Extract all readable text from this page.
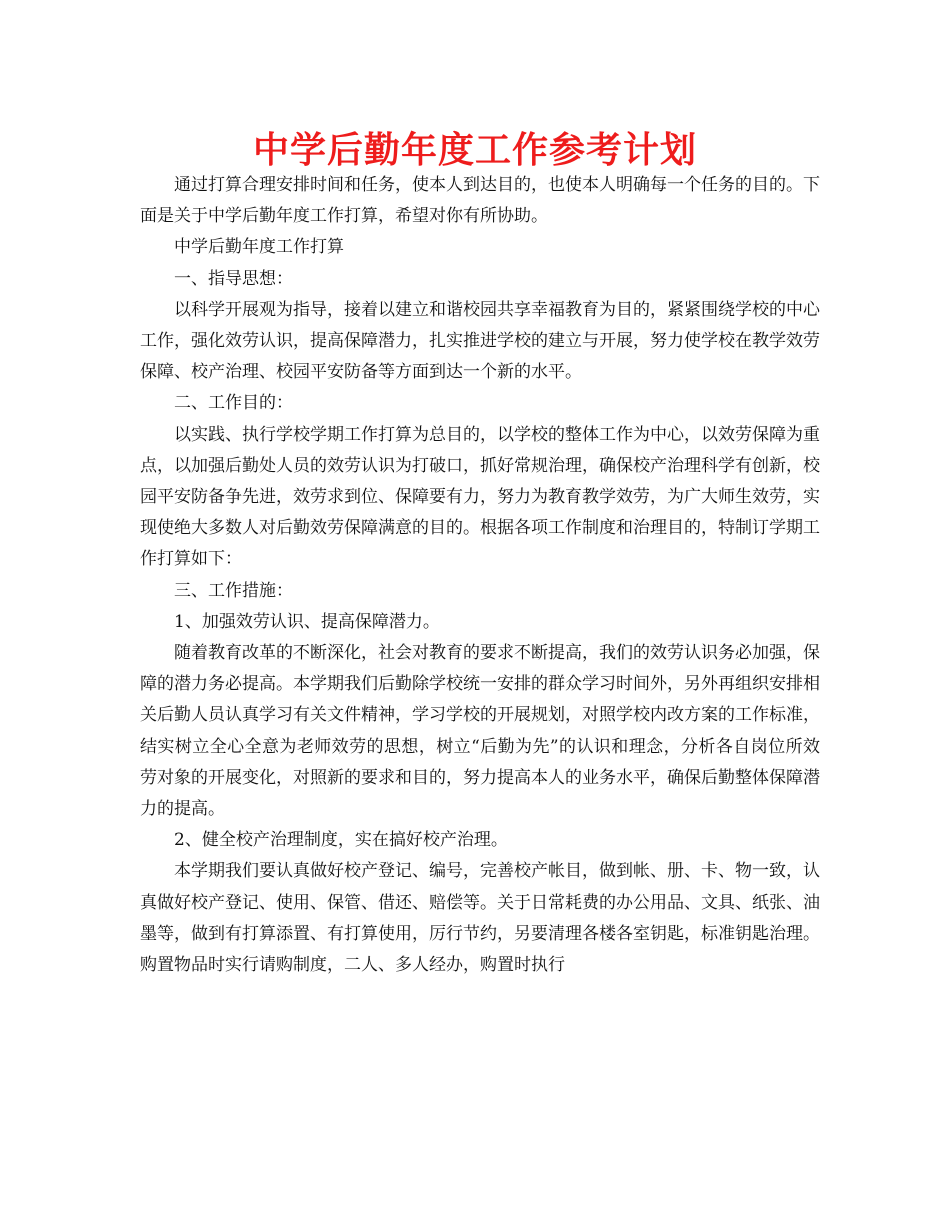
中学后勤年度工作参考计划

通过打算合理安排时间和任务，使本人到达目的，也使本人明确每一个任务的目的。下面是关于中学后勤年度工作打算，希望对你有所协助。

中学后勤年度工作打算

一、指导思想：

以科学开展观为指导，接着以建立和谐校园共享幸福教育为目的，紧紧围绕学校的中心工作，强化效劳认识，提高保障潜力，扎实推进学校的建立与开展，努力使学校在教学效劳保障、校产治理、校园平安防备等方面到达一个新的水平。

二、工作目的：

以实践、执行学校学期工作打算为总目的，以学校的整体工作为中心，以效劳保障为重点，以加强后勤处人员的效劳认识为打破口，抓好常规治理，确保校产治理科学有创新，校园平安防备争先进，效劳求到位、保障要有力，努力为教育教学效劳，为广大师生效劳，实现使绝大多数人对后勤效劳保障满意的目的。根据各项工作制度和治理目的，特制订学期工作打算如下：

三、工作措施：

1、加强效劳认识、提高保障潜力。

随着教育改革的不断深化，社会对教育的要求不断提高，我们的效劳认识务必加强，保障的潜力务必提高。本学期我们后勤除学校统一安排的群众学习时间外，另外再组织安排相关后勤人员认真学习有关文件精神，学习学校的开展规划，对照学校内改方案的工作标准，结实树立全心全意为老师效劳的思想，树立“后勤为先”的认识和理念，分析各自岗位所效劳对象的开展变化，对照新的要求和目的，努力提高本人的业务水平，确保后勤整体保障潜力的提高。

2、健全校产治理制度，实在搞好校产治理。

本学期我们要认真做好校产登记、编号，完善校产帐目，做到帐、册、卡、物一致，认真做好校产登记、使用、保管、借还、赔偿等。关于日常耗费的办公用品、文具、纸张、油墨等，做到有打算添置、有打算使用，厉行节约，另要清理各楼各室钥匙，标准钥匙治理。购置物品时实行请购制度，二人、多人经办，购置时执行
